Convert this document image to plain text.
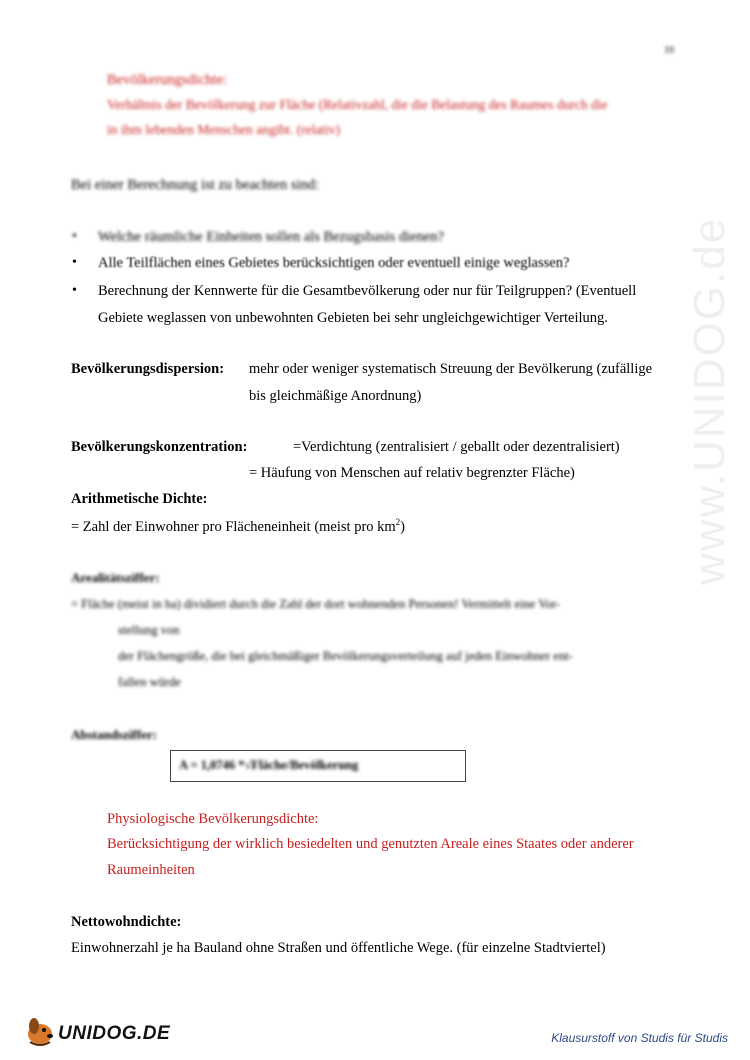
www.UNIDOG.de
10
Bevölkerungsdichte:
Verhältnis der Bevölkerung zur Fläche (Relativzahl, die die Belastung des Raumes durch die
in ihm lebenden Menschen angibt. (relativ)
Bei einer Berechnung ist zu beachten sind:
• Welche räumliche Einheiten sollen als Bezugsbasis dienen?
• Alle Teilflächen eines Gebietes berücksichtigen oder eventuell einige weglassen?
• Berechnung der Kennwerte für die Gesamtbevölkerung oder nur für Teilgruppen? (Eventuell
Gebiete weglassen von unbewohnten Gebieten bei sehr ungleichgewichtiger Verteilung.
Bevölkerungsdispersion: mehr oder weniger systematisch Streuung der Bevölkerung (zufällige
bis gleichmäßige Anordnung)
Bevölkerungskonzentration:	=Verdichtung (zentralisiert / geballt oder dezentralisiert)
= Häufung von Menschen auf relativ begrenzter Fläche)
Arithmetische Dichte:
= Zahl der Einwohner pro Flächeneinheit (meist pro $km^2$)
Arealitätsziffer:
= Fläche (meist in ha) dividiert durch die Zahl der dort wohnenden Personen! Vermittelt eine Vor-
stellung von
der Flächengröße, die bei gleichmäßiger Bevölkerungsverteilung auf jeden Einwohner ent-
fallen würde
Abstandsziffer:
A = 1,0746 *√Fläche/Bevölkerung
Physiologische Bevölkerungsdichte:
Berücksichtigung der wirklich besiedelten und genutzten Areale eines Staates oder anderer
Raumeinheiten
Nettowohndichte:
Einwohnerzahl je ha Bauland ohne Straßen und öffentliche Wege. (für einzelne Stadtviertel)
UNIDOG.DE	Klausurstoff von Studis für Studis
